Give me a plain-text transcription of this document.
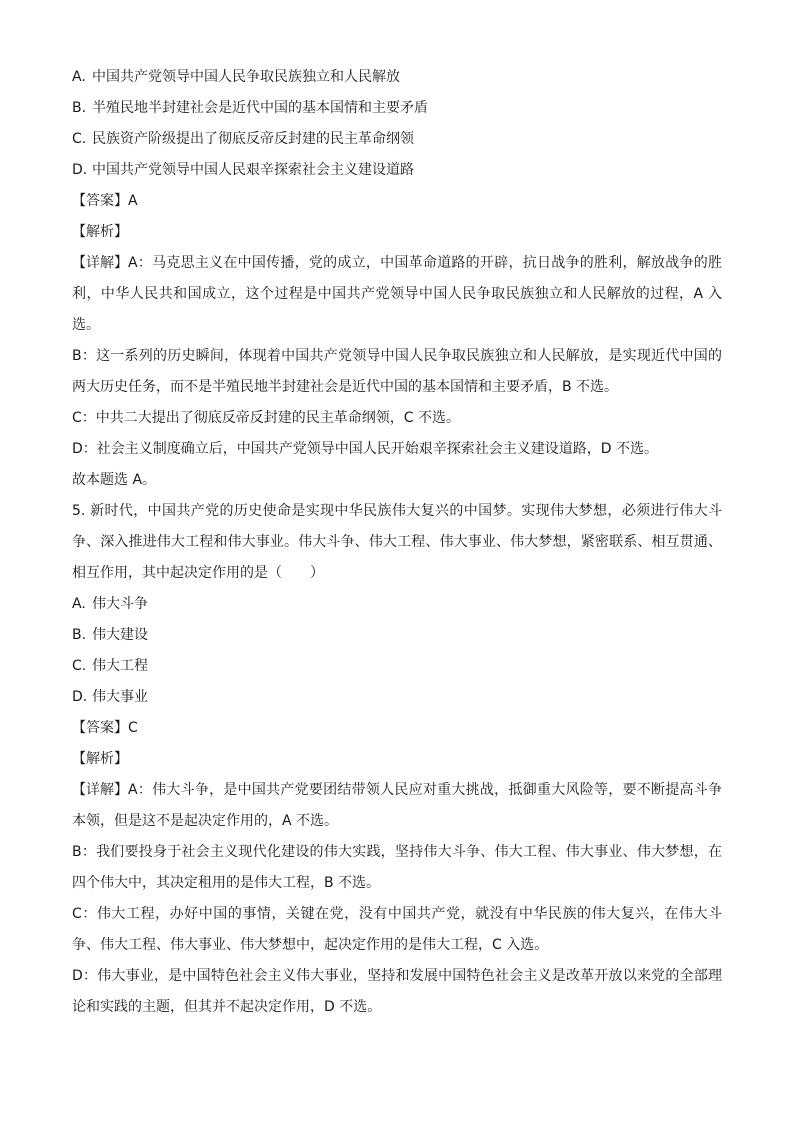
A. 中国共产党领导中国人民争取民族独立和人民解放
B. 半殖民地半封建社会是近代中国的基本国情和主要矛盾
C. 民族资产阶级提出了彻底反帝反封建的民主革命纲领
D. 中国共产党领导中国人民艰辛探索社会主义建设道路
【答案】A
【解析】
【详解】A：马克思主义在中国传播，党的成立，中国革命道路的开辟，抗日战争的胜利，解放战争的胜利，中华人民共和国成立，这个过程是中国共产党领导中国人民争取民族独立和人民解放的过程，A 入选。
B：这一系列的历史瞬间，体现着中国共产党领导中国人民争取民族独立和人民解放，是实现近代中国的两大历史任务，而不是半殖民地半封建社会是近代中国的基本国情和主要矛盾，B 不选。
C：中共二大提出了彻底反帝反封建的民主革命纲领，C 不选。
D：社会主义制度确立后，中国共产党领导中国人民开始艰辛探索社会主义建设道路，D 不选。
故本题选 A。
5. 新时代，中国共产党的历史使命是实现中华民族伟大复兴的中国梦。实现伟大梦想，必须进行伟大斗争、深入推进伟大工程和伟大事业。伟大斗争、伟大工程、伟大事业、伟大梦想，紧密联系、相互贯通、相互作用，其中起决定作用的是（　　）
A. 伟大斗争
B. 伟大建设
C. 伟大工程
D. 伟大事业
【答案】C
【解析】
【详解】A：伟大斗争，是中国共产党要团结带领人民应对重大挑战，抵御重大风险等，要不断提高斗争本领，但是这不是起决定作用的，A 不选。
B：我们要投身于社会主义现代化建设的伟大实践，坚持伟大斗争、伟大工程、伟大事业、伟大梦想，在四个伟大中，其决定租用的是伟大工程，B 不选。
C：伟大工程，办好中国的事情，关键在党，没有中国共产党，就没有中华民族的伟大复兴，在伟大斗争、伟大工程、伟大事业、伟大梦想中，起决定作用的是伟大工程，C 入选。
D：伟大事业，是中国特色社会主义伟大事业，坚持和发展中国特色社会主义是改革开放以来党的全部理论和实践的主题，但其并不起决定作用，D 不选。
